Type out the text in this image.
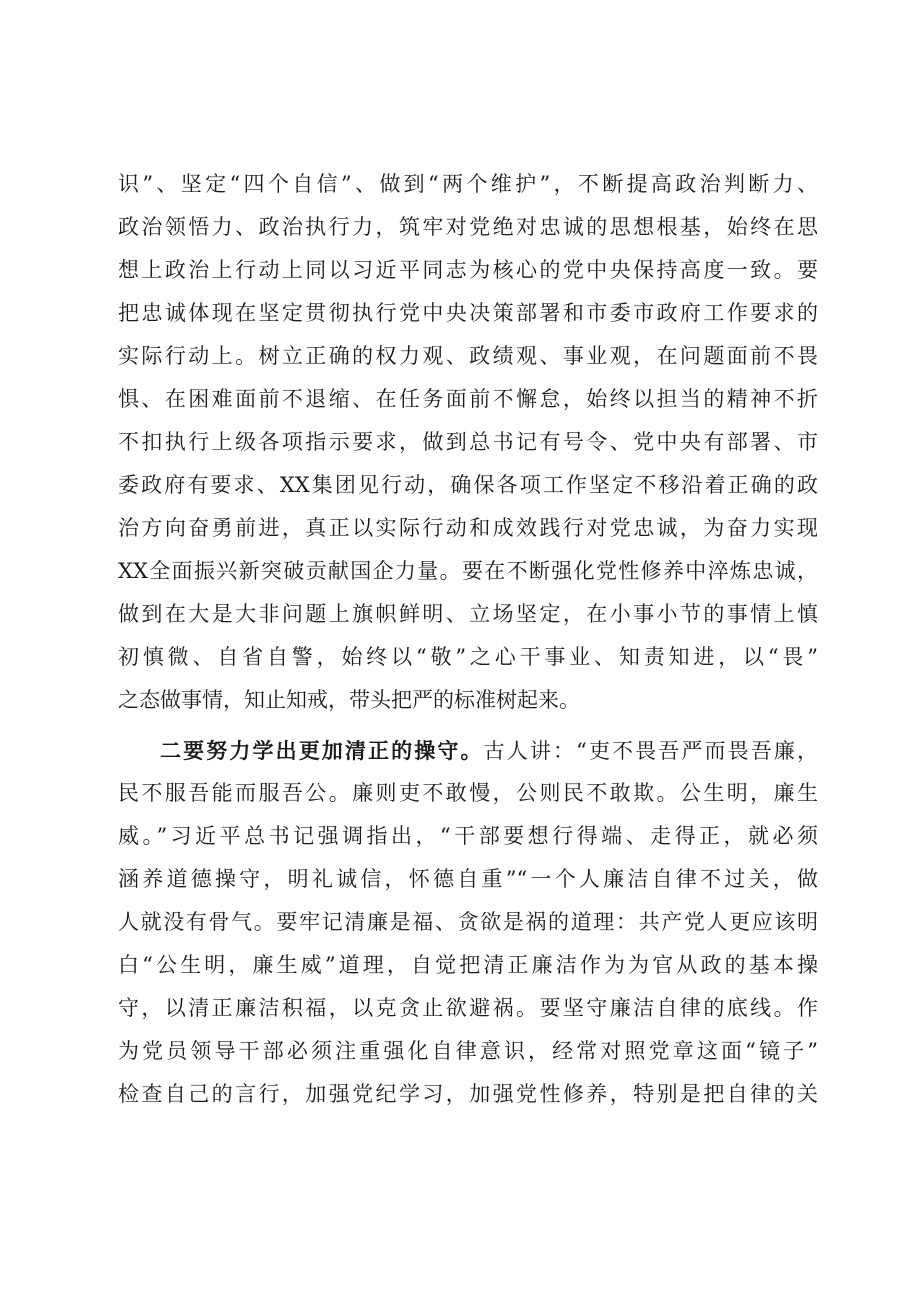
识”、坚定“四个自信”、做到“两个维护”，不断提高政治判断力、
政治领悟力、政治执行力，筑牢对党绝对忠诚的思想根基，始终在思
想上政治上行动上同以习近平同志为核心的党中央保持高度一致。要
把忠诚体现在坚定贯彻执行党中央决策部署和市委市政府工作要求的
实际行动上。树立正确的权力观、政绩观、事业观，在问题面前不畏
惧、在困难面前不退缩、在任务面前不懈怠，始终以担当的精神不折
不扣执行上级各项指示要求，做到总书记有号令、党中央有部署、市
委政府有要求、XX集团见行动，确保各项工作坚定不移沿着正确的政
治方向奋勇前进，真正以实际行动和成效践行对党忠诚，为奋力实现
XX全面振兴新突破贡献国企力量。要在不断强化党性修养中淬炼忠诚，
做到在大是大非问题上旗帜鲜明、立场坚定，在小事小节的事情上慎
初慎微、自省自警，始终以“敬”之心干事业、知责知进，以“畏”
之态做事情，知止知戒，带头把严的标准树起来。
二要努力学出更加清正的操守。古人讲：“吏不畏吾严而畏吾廉，
民不服吾能而服吾公。廉则吏不敢慢，公则民不敢欺。公生明，廉生
威。”习近平总书记强调指出，“干部要想行得端、走得正，就必须
涵养道德操守，明礼诚信，怀德自重”“一个人廉洁自律不过关，做
人就没有骨气。要牢记清廉是福、贪欲是祸的道理：共产党人更应该明
白“公生明，廉生威”道理，自觉把清正廉洁作为为官从政的基本操
守，以清正廉洁积福，以克贪止欲避祸。要坚守廉洁自律的底线。作
为党员领导干部必须注重强化自律意识，经常对照党章这面“镜子”
检查自己的言行，加强党纪学习，加强党性修养，特别是把自律的关
